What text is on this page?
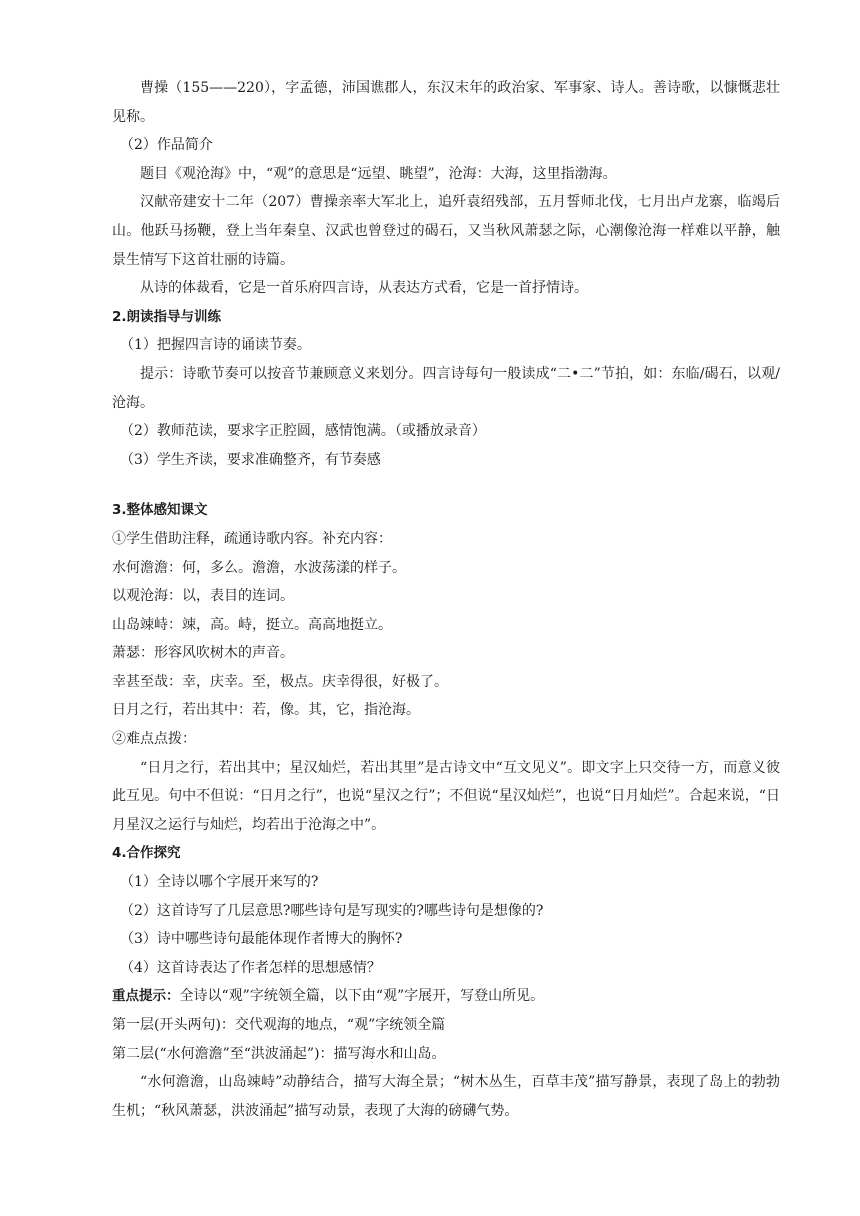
曹操（155——220），字孟德，沛国谯郡人，东汉末年的政治家、军事家、诗人。善诗歌，以慷慨悲壮见称。

（2）作品简介

题目《观沧海》中，“观”的意思是“远望、眺望”，沧海：大海，这里指渤海。

汉献帝建安十二年（207）曹操亲率大军北上，追歼袁绍残部，五月誓师北伐，七月出卢龙寨，临竭后山。他跃马扬鞭，登上当年秦皇、汉武也曾登过的碣石，又当秋风萧瑟之际，心潮像沧海一样难以平静，触景生情写下这首壮丽的诗篇。

从诗的体裁看，它是一首乐府四言诗，从表达方式看，它是一首抒情诗。

2.朗读指导与训练

（1）把握四言诗的诵读节奏。

提示：诗歌节奏可以按音节兼顾意义来划分。四言诗每句一般读成“二•二”节拍，如：东临/碣石，以观/沧海。

（2）教师范读，要求字正腔圆，感情饱满。（或播放录音）

（3）学生齐读，要求准确整齐，有节奏感

3.整体感知课文

①学生借助注释，疏通诗歌内容。补充内容：

水何澹澹：何，多么。澹澹，水波荡漾的样子。

以观沧海：以，表目的连词。

山岛竦峙：竦，高。峙，挺立。高高地挺立。

萧瑟：形容风吹树木的声音。

幸甚至哉：幸，庆幸。至，极点。庆幸得很，好极了。

日月之行，若出其中：若，像。其，它，指沧海。

②难点点拨：

“日月之行，若出其中；星汉灿烂，若出其里”是古诗文中“互文见义”。即文字上只交待一方，而意义彼此互见。句中不但说：“日月之行”，也说“星汉之行”；不但说“星汉灿烂”，也说“日月灿烂”。合起来说，“日月星汉之运行与灿烂，均若出于沧海之中”。

4.合作探究

（1）全诗以哪个字展开来写的?

（2）这首诗写了几层意思?哪些诗句是写现实的?哪些诗句是想像的?

（3）诗中哪些诗句最能体现作者博大的胸怀?

（4）这首诗表达了作者怎样的思想感情？

重点提示：全诗以“观”字统领全篇，以下由“观”字展开，写登山所见。

第一层(开头两句)：交代观海的地点，“观”字统领全篇

第二层(“水何澹澹”至“洪波涌起”)：描写海水和山岛。

“水何澹澹，山岛竦峙”动静结合，描写大海全景；“树木丛生，百草丰茂”描写静景，表现了岛上的勃勃生机；“秋风萧瑟，洪波涌起”描写动景，表现了大海的磅礴气势。
